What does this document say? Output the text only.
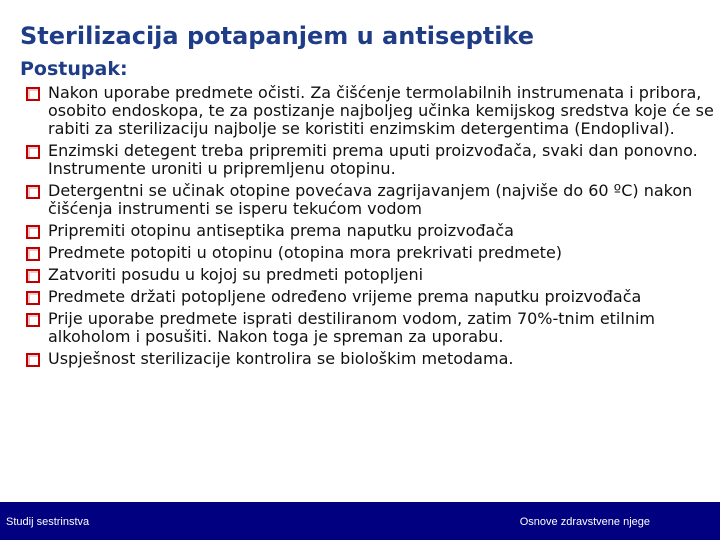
Sterilizacija potapanjem u antiseptike
Postupak:
Nakon uporabe predmete očisti. Za čišćenje termolabilnih instrumenata i pribora, osobito endoskopa, te za postizanje najboljeg učinka kemijskog sredstva koje će se rabiti za sterilizaciju najbolje se koristiti enzimskim detergentima (Endoplival).
Enzimski detegent treba pripremiti prema uputi proizvođača, svaki dan ponovno. Instrumente uroniti u pripremljenu otopinu.
Detergentni se učinak otopine povećava zagrijavanjem (najviše do 60 ºC) nakon čišćenja instrumenti se isperu tekućom vodom
Pripremiti otopinu antiseptika prema naputku proizvođača
Predmete potopiti u otopinu (otopina mora prekrivati predmete)
Zatvoriti posudu u kojoj su predmeti potopljeni
Predmete držati potopljene određeno vrijeme prema naputku proizvođača
Prije uporabe predmete isprati destiliranom vodom, zatim 70%-tnim etilnim alkoholom i posušiti. Nakon toga je spreman za uporabu.
Uspješnost sterilizacije kontrolira se biološkim metodama.
Studij sestrinstva	Osnove zdravstvene njege
